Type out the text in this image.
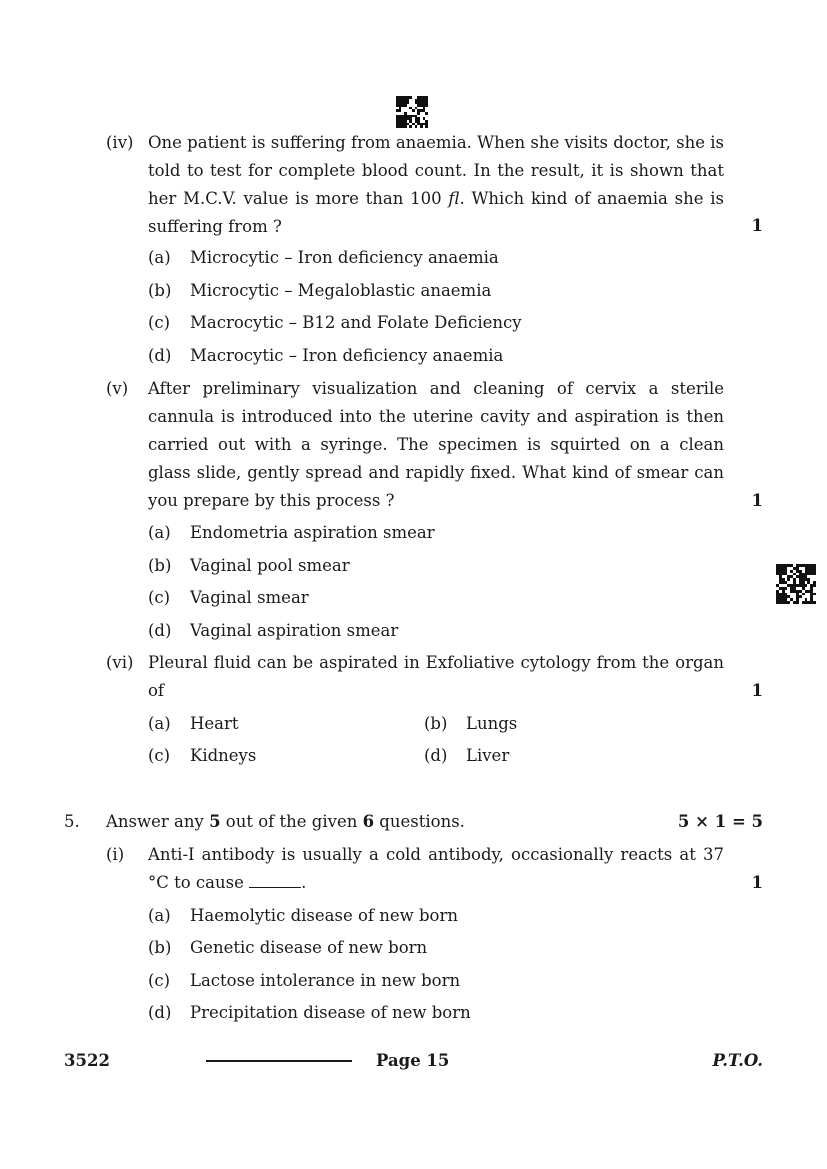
(iv) One patient is suffering from anaemia. When she visits doctor, she is told to test for complete blood count. In the result, it is shown that her M.C.V. value is more than 100 fl. Which kind of anaemia she is suffering from ?	1
(a) Microcytic – Iron deficiency anaemia
(b) Microcytic – Megaloblastic anaemia
(c) Macrocytic – B12 and Folate Deficiency
(d) Macrocytic – Iron deficiency anaemia
(v) After preliminary visualization and cleaning of cervix a sterile cannula is introduced into the uterine cavity and aspiration is then carried out with a syringe. The specimen is squirted on a clean glass slide, gently spread and rapidly fixed. What kind of smear can you prepare by this process ?	1
(a) Endometria aspiration smear
(b) Vaginal pool smear
(c) Vaginal smear
(d) Vaginal aspiration smear
(vi) Pleural fluid can be aspirated in Exfoliative cytology from the organ of	1
(a) Heart	(b) Lungs
(c) Kidneys	(d) Liver
5. Answer any 5 out of the given 6 questions.	5 × 1 = 5
(i) Anti-I antibody is usually a cold antibody, occasionally reacts at 37 °C to cause	.	1
(a) Haemolytic disease of new born
(b) Genetic disease of new born
(c) Lactose intolerance in new born
(d) Precipitation disease of new born
3522	Page 15	P.T.O.
